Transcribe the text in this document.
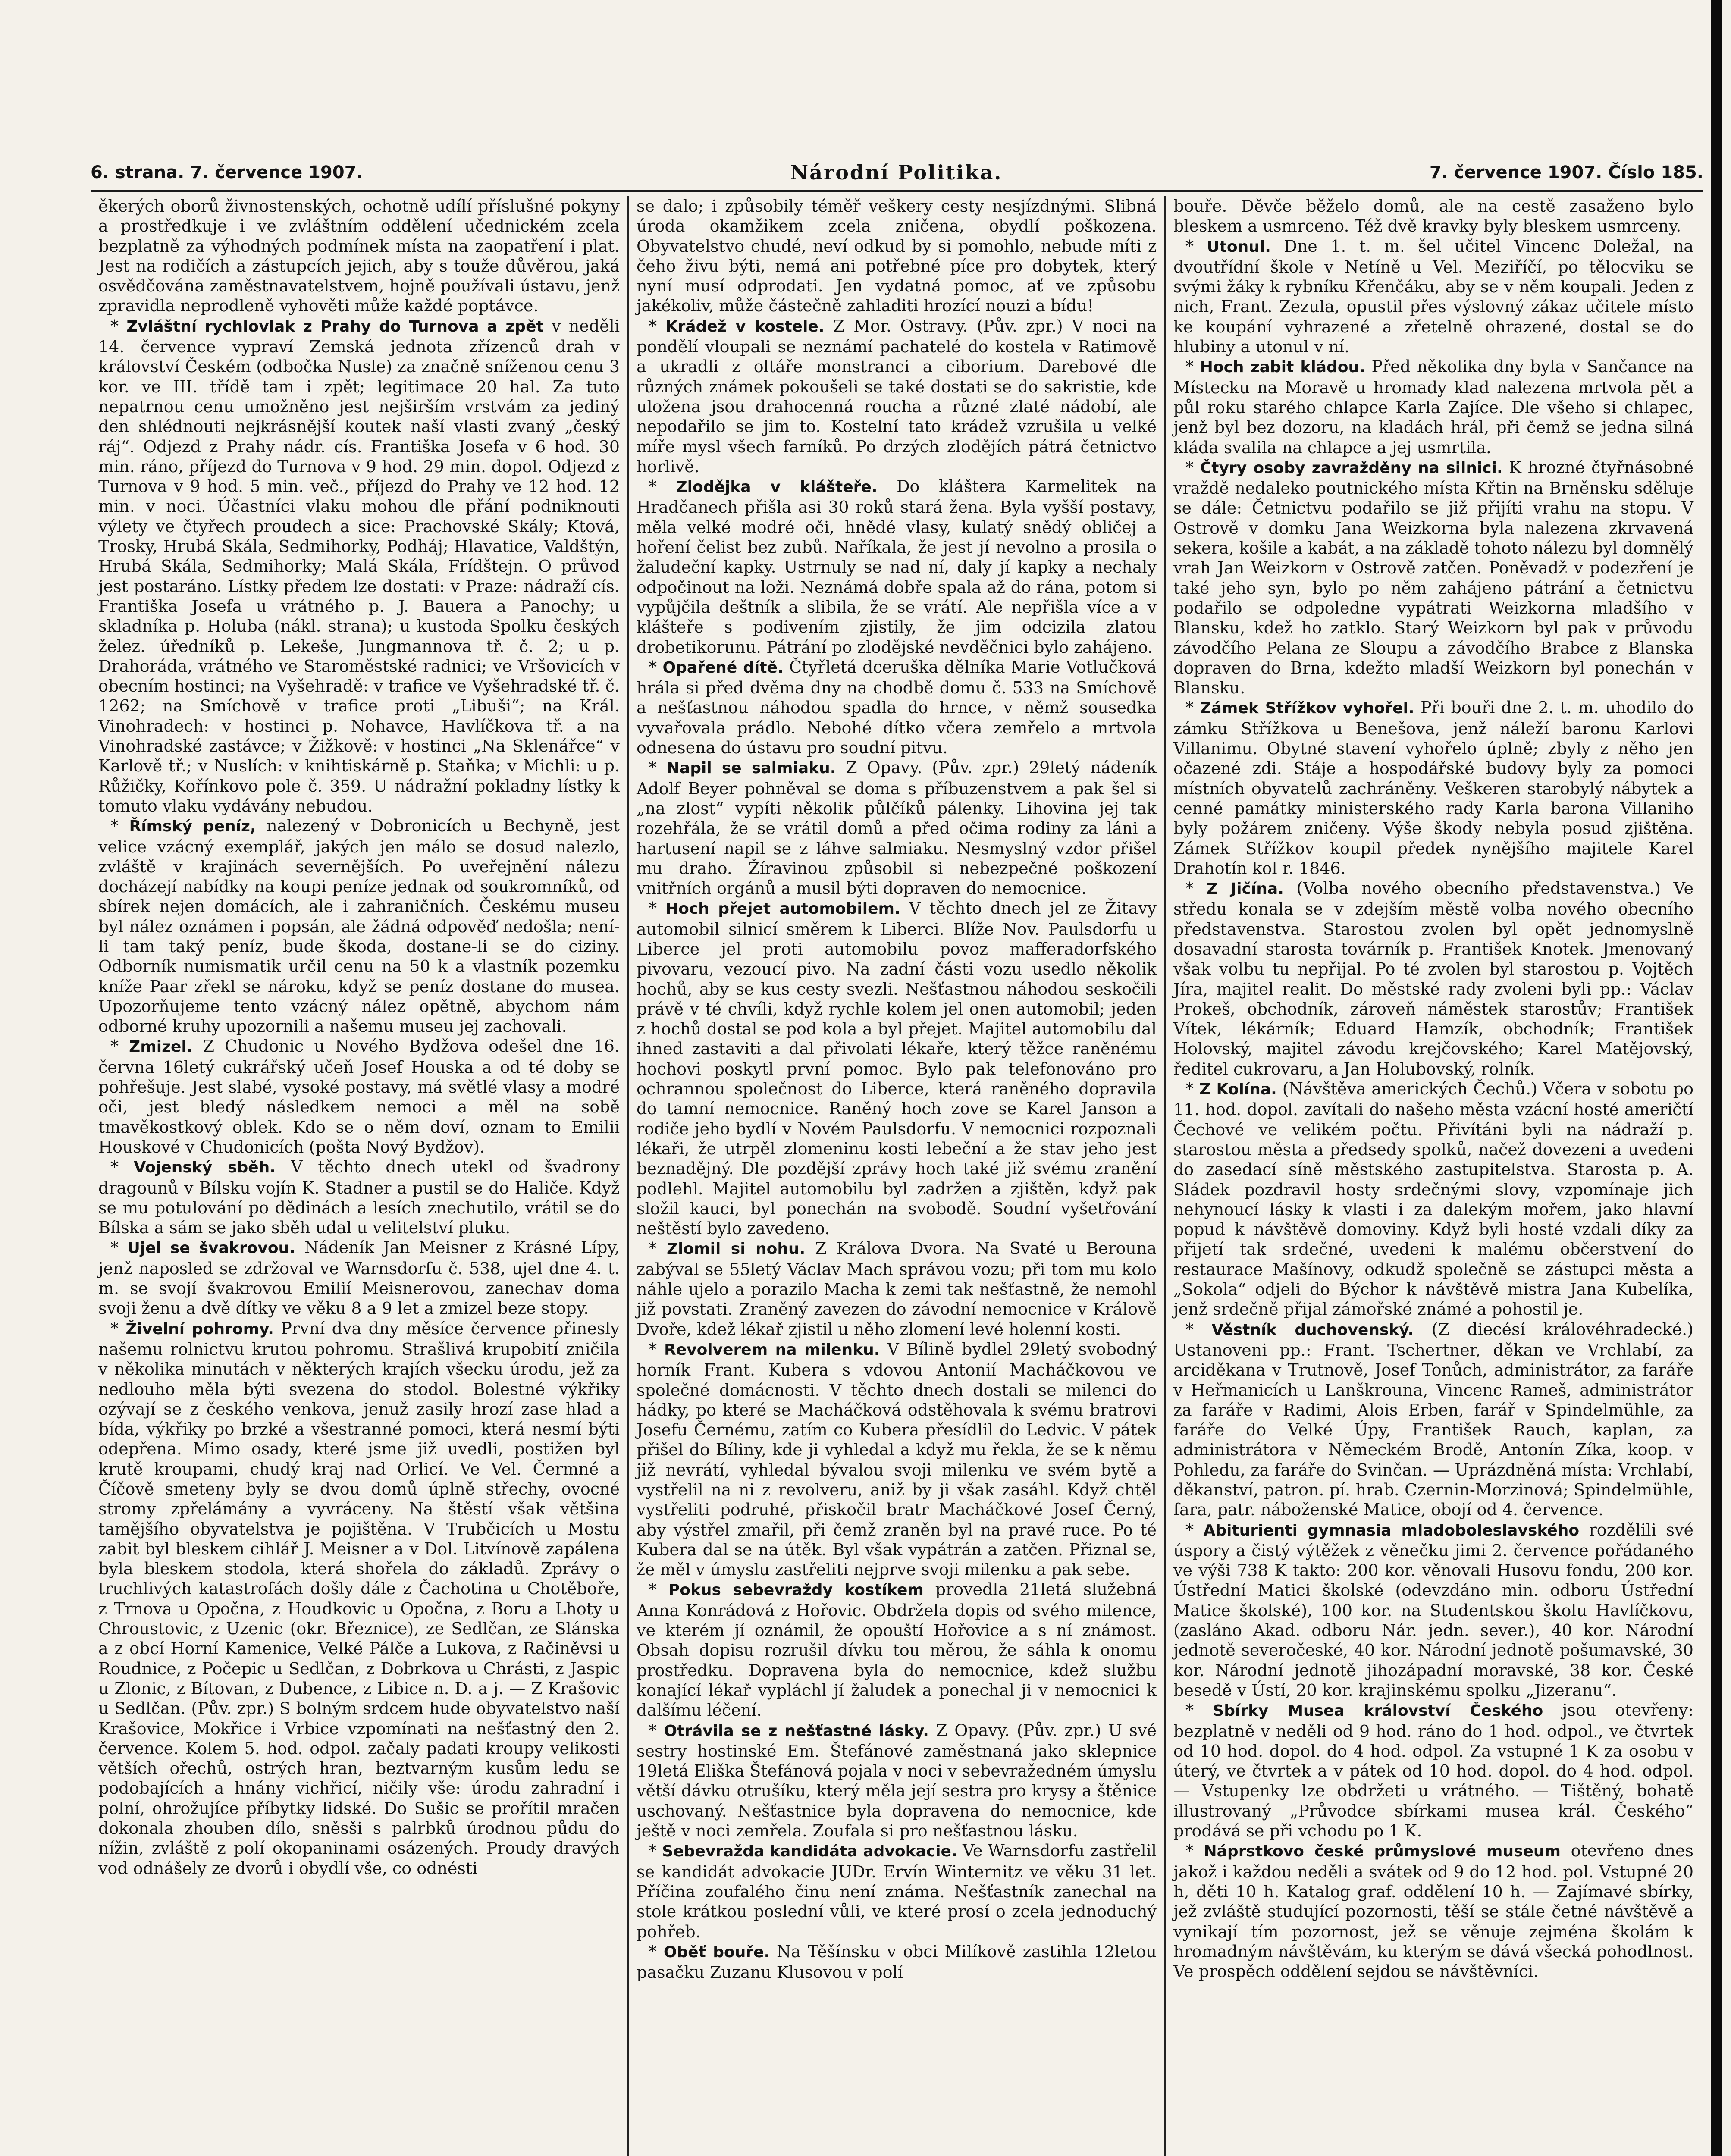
6. strana. 7. července 1907.	Národní Politika.	7. července 1907. Číslo 185.

ěkerých oborů živnostenských, ochotně udílí příslušné pokyny a prostředkuje i ve zvláštním oddělení učednickém zcela bezplatně za výhodných podmínek místa na zaopatření i plat. Jest na rodičích a zástupcích jejich, aby s touže důvěrou, jaká osvědčována zaměstnavatelstvem, hojně používali ústavu, jenž zpravidla neprodleně vyhověti může každé poptávce.

* Zvláštní rychlovlak z Prahy do Turnova a zpět v neděli 14. července vypraví Zemská jednota zřízenců drah v království Českém (odbočka Nusle) za značně sníženou cenu 3 kor. ve III. třídě tam i zpět; legitimace 20 hal. Za tuto nepatrnou cenu umožněno jest nejširším vrstvám za jediný den shlédnouti nejkrásnější koutek naší vlasti zvaný „český ráj“. Odjezd z Prahy nádr. cís. Františka Josefa v 6 hod. 30 min. ráno, příjezd do Turnova v 9 hod. 29 min. dopol. Odjezd z Turnova v 9 hod. 5 min. več., příjezd do Prahy ve 12 hod. 12 min. v noci. Účastníci vlaku mohou dle přání podniknouti výlety ve čtyřech proudech a sice: Prachovské Skály; Ktová, Trosky, Hrubá Skála, Sedmihorky, Podháj; Hlavatice, Valdštýn, Hrubá Skála, Sedmihorky; Malá Skála, Frídštejn. O průvod jest postaráno. Lístky předem lze dostati: v Praze: nádraží cís. Františka Josefa u vrátného p. J. Bauera a Panochy; u skladníka p. Holuba (nákl. strana); u kustoda Spolku českých želez. úředníků p. Lekeše, Jungmannova tř. č. 2; u p. Drahoráda, vrátného ve Staroměstské radnici; ve Vršovicích v obecním hostinci; na Vyšehradě: v trafice ve Vyšehradské tř. č. 1262; na Smíchově v trafice proti „Libuši“; na Král. Vinohradech: v hostinci p. Nohavce, Havlíčkova tř. a na Vinohradské zastávce; v Žižkově: v hostinci „Na Sklenářce“ v Karlově tř.; v Nuslích: v knihtiskárně p. Staňka; v Michli: u p. Růžičky, Kořínkovo pole č. 359. U nádražní pokladny lístky k tomuto vlaku vydávány nebudou.

* Římský peníz, nalezený v Dobronicích u Bechyně, jest velice vzácný exemplář, jakých jen málo se dosud nalezlo, zvláště v krajinách severnějších. Po uveřejnění nálezu docházejí nabídky na koupi peníze jednak od soukromníků, od sbírek nejen domácích, ale i zahraničních. Českému museu byl nález oznámen i popsán, ale žádná odpověď nedošla; není-li tam taký peníz, bude škoda, dostane-li se do ciziny. Odborník numismatik určil cenu na 50 k a vlastník pozemku kníže Paar zřekl se nároku, když se peníz dostane do musea. Upozorňujeme tento vzácný nález opětně, abychom nám odborné kruhy upozornili a našemu museu jej zachovali.

* Zmizel. Z Chudonic u Nového Bydžova odešel dne 16. června 16letý cukrářský učeň Josef Houska a od té doby se pohřešuje. Jest slabé, vysoké postavy, má světlé vlasy a modré oči, jest bledý následkem nemoci a měl na sobě tmavěkostkový oblek. Kdo se o něm doví, oznam to Emilii Houskové v Chudonicích (pošta Nový Bydžov).

* Vojenský sběh. V těchto dnech utekl od švadrony dragounů v Bílsku vojín K. Stadner a pustil se do Haliče. Když se mu potulování po dědinách a lesích znechutilo, vrátil se do Bílska a sám se jako sběh udal u velitelství pluku.

* Ujel se švakrovou. Nádeník Jan Meisner z Krásné Lípy, jenž naposled se zdržoval ve Warnsdorfu č. 538, ujel dne 4. t. m. se svojí švakrovou Emilií Meisnerovou, zanechav doma svoji ženu a dvě dítky ve věku 8 a 9 let a zmizel beze stopy.

* Živelní pohromy. První dva dny měsíce července přinesly našemu rolnictvu krutou pohromu. Strašlivá krupobití zničila v několika minutách v některých krajích všecku úrodu, jež za nedlouho měla býti svezena do stodol. Bolestné výkřiky ozývají se z českého venkova, jenuž zasily hrozí zase hlad a bída, výkřiky po brzké a všestranné pomoci, která nesmí býti odepřena. Mimo osady, které jsme již uvedli, postižen byl krutě kroupami, chudý kraj nad Orlicí. Ve Vel. Čermné a Číčově smeteny byly se dvou domů úplně střechy, ovocné stromy zpřelámány a vyvráceny. Na štěstí však většina tamějšího obyvatelstva je pojištěna. V Trubčicích u Mostu zabit byl bleskem cihlář J. Meisner a v Dol. Litvínově zapálena byla bleskem stodola, která shořela do základů. Zprávy o truchlivých katastrofách došly dále z Čachotina u Chotěboře, z Trnova u Opočna, z Houdkovic u Opočna, z Boru a Lhoty u Chroustovic, z Uzenic (okr. Březnice), ze Sedlčan, ze Slánska a z obcí Horní Kamenice, Velké Pálče a Lukova, z Račiněvsi u Roudnice, z Počepic u Sedlčan, z Dobrkova u Chrásti, z Jaspic u Zlonic, z Bítovan, z Dubence, z Libice n. D. a j. — Z Krašovic u Sedlčan. (Pův. zpr.) S bolným srdcem hude obyvatelstvo naší Krašovice, Mokřice i Vrbice vzpomínati na nešťastný den 2. července. Kolem 5. hod. odpol. začaly padati kroupy velikosti větších ořechů, ostrých hran, beztvarným kusům ledu se podobajících a hnány vichřicí, ničily vše: úrodu zahradní i polní, ohrožujíce příbytky lidské. Do Sušic se prořítil mračen dokonala zhouben dílo, sněsši s palrbků úrodnou půdu do nížin, zvláště z polí okopaninami osázených. Proudy dravých vod odnášely ze dvorů i obydlí vše, co odnésti

se dalo; i způsobily téměř veškery cesty nesjízdnými. Slibná úroda okamžikem zcela zničena, obydlí poškozena. Obyvatelstvo chudé, neví odkud by si pomohlo, nebude míti z čeho živu býti, nemá ani potřebné píce pro dobytek, který nyní musí odprodati. Jen vydatná pomoc, ať ve způsobu jakékoliv, může částečně zahladiti hrozící nouzi a bídu!

* Krádež v kostele. Z Mor. Ostravy. (Pův. zpr.) V noci na pondělí vloupali se neznámí pachatelé do kostela v Ratimově a ukradli z oltáře monstranci a ciborium. Darebové dle různých známek pokoušeli se také dostati se do sakristie, kde uložena jsou drahocenná roucha a různé zlaté nádobí, ale nepodařilo se jim to. Kostelní tato krádež vzrušila u velké míře mysl všech farníků. Po drzých zlodějích pátrá četnictvo horlivě.

* Zlodějka v klášteře. Do kláštera Karmelitek na Hradčanech přišla asi 30 roků stará žena. Byla vyšší postavy, měla velké modré oči, hnědé vlasy, kulatý snědý obličej a hoření čelist bez zubů. Naříkala, že jest jí nevolno a prosila o žaludeční kapky. Ustrnuly se nad ní, daly jí kapky a nechaly odpočinout na loži. Neznámá dobře spala až do rána, potom si vypůjčila deštník a slibila, že se vrátí. Ale nepřišla více a v klášteře s podivením zjistily, že jim odcizila zlatou drobetikorunu. Pátrání po zlodějské nevděčnici bylo zahájeno.

* Opařené dítě. Čtyřletá dceruška dělníka Marie Votlučková hrála si před dvěma dny na chodbě domu č. 533 na Smíchově a nešťastnou náhodou spadla do hrnce, v němž sousedka vyvařovala prádlo. Nebohé dítko včera zemřelo a mrtvola odnesena do ústavu pro soudní pitvu.

* Napil se salmiaku. Z Opavy. (Pův. zpr.) 29letý nádeník Adolf Beyer pohněval se doma s příbuzenstvem a pak šel si „na zlost“ vypíti několik půlčíků pálenky. Lihovina jej tak rozehřála, že se vrátil domů a před očima rodiny za láni a hartusení napil se z láhve salmiaku. Nesmyslný vzdor přišel mu draho. Žíravinou způsobil si nebezpečné poškození vnitřních orgánů a musil býti dopraven do nemocnice.

* Hoch přejet automobilem. V těchto dnech jel ze Žitavy automobil silnicí směrem k Liberci. Blíže Nov. Paulsdorfu u Liberce jel proti automobilu povoz mafferadorfského pivovaru, vezoucí pivo. Na zadní části vozu usedlo několik hochů, aby se kus cesty svezli. Nešťastnou náhodou seskočili právě v té chvíli, když rychle kolem jel onen automobil; jeden z hochů dostal se pod kola a byl přejet. Majitel automobilu dal ihned zastaviti a dal přivolati lékaře, který těžce raněnému hochovi poskytl první pomoc. Bylo pak telefonováno pro ochrannou společnost do Liberce, která raněného dopravila do tamní nemocnice. Raněný hoch zove se Karel Janson a rodiče jeho bydlí v Novém Paulsdorfu. V nemocnici rozpoznali lékaři, že utrpěl zlomeninu kosti lebeční a že stav jeho jest beznadějný. Dle pozdější zprávy hoch také již svému zranění podlehl. Majitel automobilu byl zadržen a zjištěn, když pak složil kauci, byl ponechán na svobodě. Soudní vyšetřování neštěstí bylo zavedeno.

* Zlomil si nohu. Z Králova Dvora. Na Svaté u Berouna zabýval se 55letý Václav Mach správou vozu; při tom mu kolo náhle ujelo a porazilo Macha k zemi tak nešťastně, že nemohl již povstati. Zraněný zavezen do závodní nemocnice v Králově Dvoře, kdež lékař zjistil u něho zlomení levé holenní kosti.

* Revolverem na milenku. V Bílině bydlel 29letý svobodný horník Frant. Kubera s vdovou Antonií Macháčkovou ve společné domácnosti. V těchto dnech dostali se milenci do hádky, po které se Macháčková odstěhovala k svému bratrovi Josefu Černému, zatím co Kubera přesídlil do Ledvic. V pátek přišel do Bíliny, kde ji vyhledal a když mu řekla, že se k němu již nevrátí, vyhledal bývalou svoji milenku ve svém bytě a vystřelil na ni z revolveru, aniž by ji však zasáhl. Když chtěl vystřeliti podruhé, přiskočil bratr Macháčkové Josef Černý, aby výstřel zmařil, při čemž zraněn byl na pravé ruce. Po té Kubera dal se na útěk. Byl však vypátrán a zatčen. Přiznal se, že měl v úmyslu zastřeliti nejprve svoji milenku a pak sebe.

* Pokus sebevraždy kostíkem provedla 21letá služebná Anna Konrádová z Hořovic. Obdržela dopis od svého milence, ve kterém jí oznámil, že opouští Hořovice a s ní známost. Obsah dopisu rozrušil dívku tou měrou, že sáhla k onomu prostředku. Dopravena byla do nemocnice, kdež službu konající lékař vypláchl jí žaludek a ponechal ji v nemocnici k dalšímu léčení.

* Otrávila se z nešťastné lásky. Z Opavy. (Pův. zpr.) U své sestry hostinské Em. Štefánové zaměstnaná jako sklepnice 19letá Eliška Štefánová pojala v noci v sebevražedném úmyslu větší dávku otrušíku, který měla její sestra pro krysy a štěnice uschovaný. Nešťastnice byla dopravena do nemocnice, kde ještě v noci zemřela. Zoufala si pro nešťastnou lásku.

* Sebevražda kandidáta advokacie. Ve Warnsdorfu zastřelil se kandidát advokacie JUDr. Ervín Winternitz ve věku 31 let. Příčina zoufalého činu není známa. Nešťastník zanechal na stole krátkou poslední vůli, ve které prosí o zcela jednoduchý pohřeb.

* Oběť bouře. Na Těšínsku v obci Milíkově zastihla 12letou pasačku Zuzanu Klusovou v polí

bouře. Děvče běželo domů, ale na cestě zasaženo bylo bleskem a usmrceno. Též dvě kravky byly bleskem usmrceny.

* Utonul. Dne 1. t. m. šel učitel Vincenc Doležal, na dvoutřídní škole v Netíně u Vel. Meziříčí, po tělocviku se svými žáky k rybníku Křenčáku, aby se v něm koupali. Jeden z nich, Frant. Zezula, opustil přes výslovný zákaz učitele místo ke koupání vyhrazené a zřetelně ohrazené, dostal se do hlubiny a utonul v ní.

* Hoch zabit kládou. Před několika dny byla v Sančance na Místecku na Moravě u hromady klad nalezena mrtvola pět a půl roku starého chlapce Karla Zajíce. Dle všeho si chlapec, jenž byl bez dozoru, na kladách hrál, při čemž se jedna silná kláda svalila na chlapce a jej usmrtila.

* Čtyry osoby zavražděny na silnici. K hrozné čtyřnásobné vraždě nedaleko poutnického místa Křtin na Brněnsku sděluje se dále: Četnictvu podařilo se již přijíti vrahu na stopu. V Ostrově v domku Jana Weizkorna byla nalezena zkrvavená sekera, košile a kabát, a na základě tohoto nálezu byl domnělý vrah Jan Weizkorn v Ostrově zatčen. Poněvadž v podezření je také jeho syn, bylo po něm zahájeno pátrání a četnictvu podařilo se odpoledne vypátrati Weizkorna mladšího v Blansku, kdež ho zatklo. Starý Weizkorn byl pak v průvodu závodčího Pelana ze Sloupu a závodčího Brabce z Blanska dopraven do Brna, kdežto mladší Weizkorn byl ponechán v Blansku.

* Zámek Střížkov vyhořel. Při bouři dne 2. t. m. uhodilo do zámku Střížkova u Benešova, jenž náleží baronu Karlovi Villanimu. Obytné stavení vyhořelo úplně; zbyly z něho jen očazené zdi. Stáje a hospodářské budovy byly za pomoci místních obyvatelů zachráněny. Veškeren starobylý nábytek a cenné památky ministerského rady Karla barona Villaniho byly požárem zničeny. Výše škody nebyla posud zjištěna. Zámek Střížkov koupil předek nynějšího majitele Karel Drahotín kol r. 1846.

* Z Jičína. (Volba nového obecního představenstva.) Ve středu konala se v zdejším městě volba nového obecního představenstva. Starostou zvolen byl opět jednomyslně dosavadní starosta továrník p. František Knotek. Jmenovaný však volbu tu nepřijal. Po té zvolen byl starostou p. Vojtěch Jíra, majitel realit. Do městské rady zvoleni byli pp.: Václav Prokeš, obchodník, zároveň náměstek starostův; František Vítek, lékárník; Eduard Hamzík, obchodník; František Holovský, majitel závodu krejčovského; Karel Matějovský, ředitel cukrovaru, a Jan Holubovský, rolník.

* Z Kolína. (Návštěva amerických Čechů.) Včera v sobotu po 11. hod. dopol. zavítali do našeho města vzácní hosté američtí Čechové ve velikém počtu. Přivítáni byli na nádraží p. starostou města a předsedy spolků, načež dovezeni a uvedeni do zasedací síně městského zastupitelstva. Starosta p. A. Sládek pozdravil hosty srdečnými slovy, vzpomínaje jich nehynoucí lásky k vlasti i za dalekým mořem, jako hlavní popud k návštěvě domoviny. Když byli hosté vzdali díky za přijetí tak srdečné, uvedeni k malému občerstvení do restaurace Mašínovy, odkudž společně se zástupci města a „Sokola“ odjeli do Býchor k návštěvě mistra Jana Kubelíka, jenž srdečně přijal zámořské známé a pohostil je.

* Věstník duchovenský. (Z diecésí královéhradecké.) Ustanoveni pp.: Frant. Tschertner, děkan ve Vrchlabí, za arciděkana v Trutnově, Josef Tonůch, administrátor, za faráře v Heřmanicích u Lanškrouna, Vincenc Rameš, administrátor za faráře v Radimi, Alois Erben, farář v Spindelmühle, za faráře do Velké Úpy, František Rauch, kaplan, za administrátora v Německém Brodě, Antonín Zíka, koop. v Pohledu, za faráře do Svinčan. — Uprázdněná místa: Vrchlabí, děkanství, patron. pí. hrab. Czernin-Morzinová; Spindelmühle, fara, patr. náboženské Matice, obojí od 4. července.

* Abiturienti gymnasia mladoboleslavského rozdělili své úspory a čistý výtěžek z věnečku jimi 2. července pořádaného ve výši 738 K takto: 200 kor. věnovali Husovu fondu, 200 kor. Ústřední Matici školské (odevzdáno min. odboru Ústřední Matice školské), 100 kor. na Studentskou školu Havlíčkovu, (zasláno Akad. odboru Nár. jedn. sever.), 40 kor. Národní jednotě severočeské, 40 kor. Národní jednotě pošumavské, 30 kor. Národní jednotě jihozápadní moravské, 38 kor. České besedě v Ústí, 20 kor. krajinskému spolku „Jizeranu“.

* Sbírky Musea království Českého jsou otevřeny: bezplatně v neděli od 9 hod. ráno do 1 hod. odpol., ve čtvrtek od 10 hod. dopol. do 4 hod. odpol. Za vstupné 1 K za osobu v úterý, ve čtvrtek a v pátek od 10 hod. dopol. do 4 hod. odpol. — Vstupenky lze obdržeti u vrátného. — Tištěný, bohatě illustrovaný „Průvodce sbírkami musea král. Českého“ prodává se při vchodu po 1 K.

* Náprstkovo české průmyslové museum otevřeno dnes jakož i každou neděli a svátek od 9 do 12 hod. pol. Vstupné 20 h, děti 10 h. Katalog graf. oddělení 10 h. — Zajímavé sbírky, jež zvláště studující pozornosti, těší se stále četné návštěvě a vynikají tím pozornost, jež se věnuje zejména školám k hromadným návštěvám, ku kterým se dává všecká pohodlnost. Ve prospěch oddělení sejdou se návštěvníci.
